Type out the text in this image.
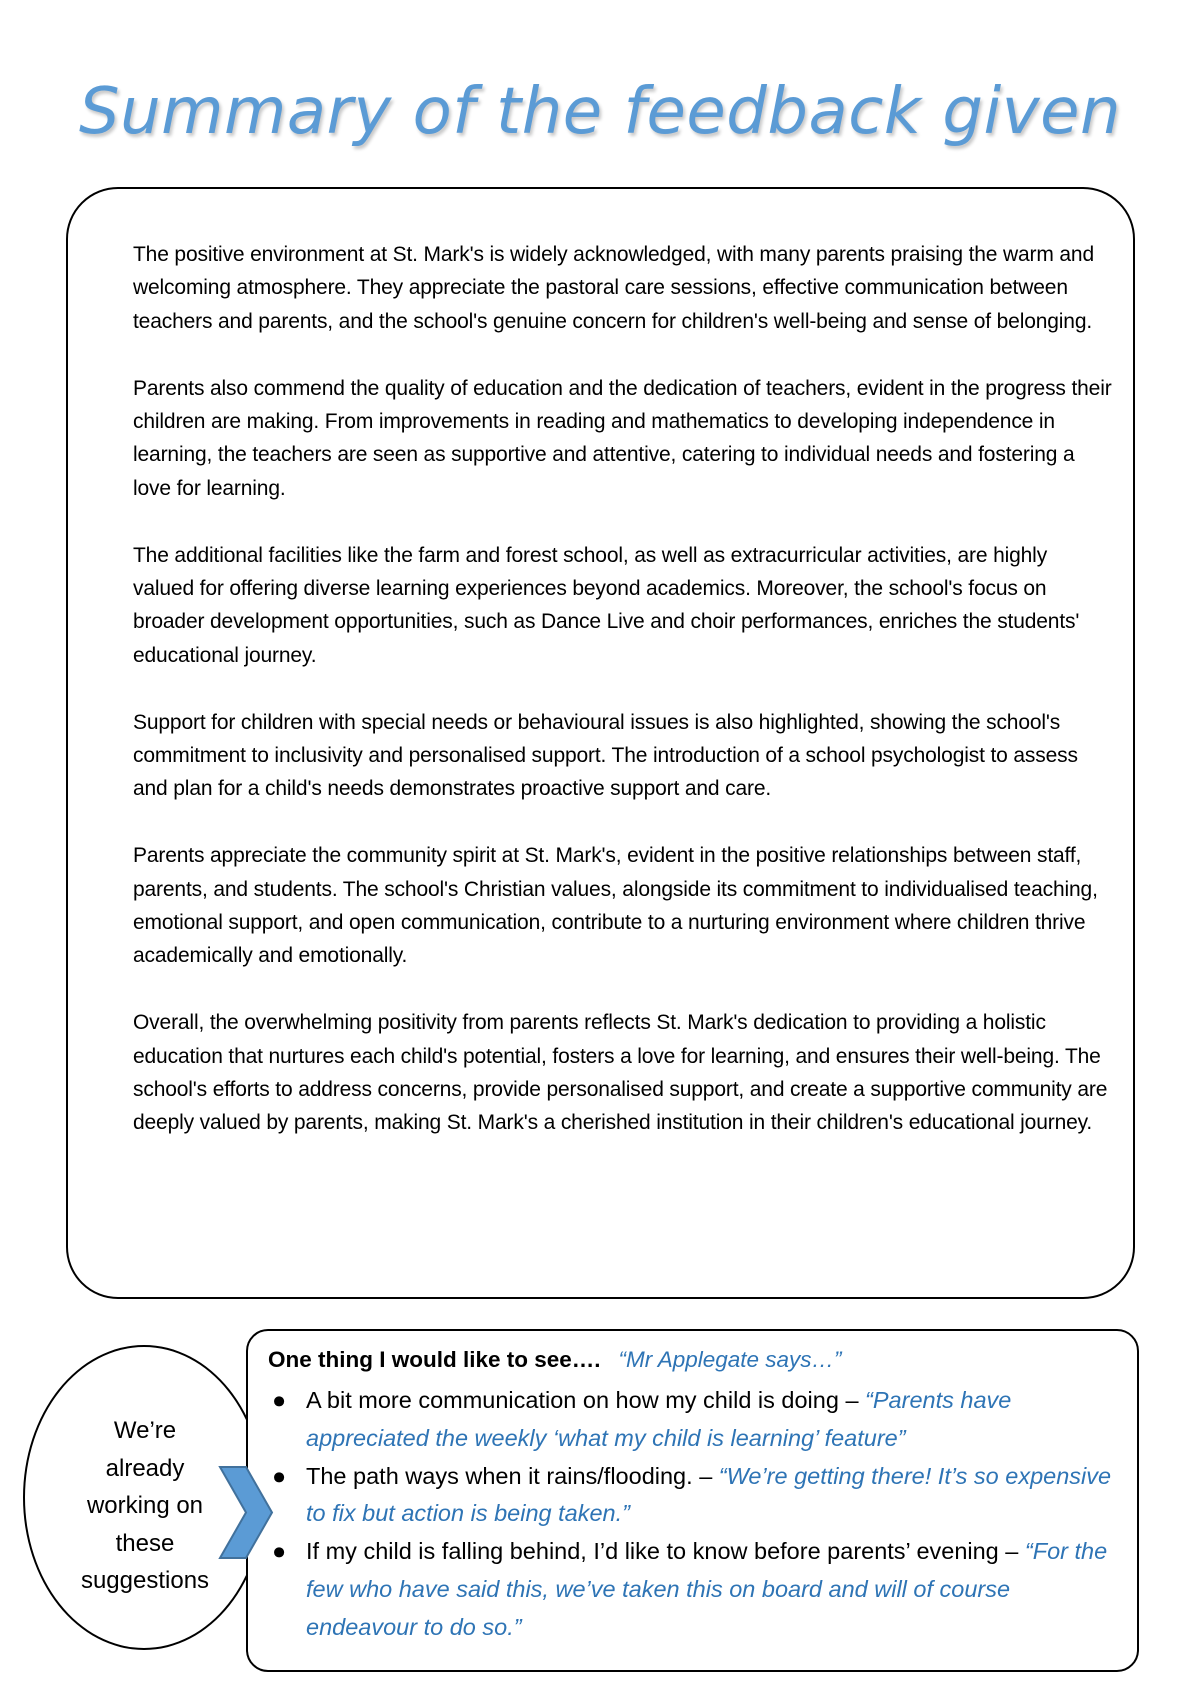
Summary of the feedback given

The positive environment at St. Mark's is widely acknowledged, with many parents praising the warm and welcoming atmosphere. They appreciate the pastoral care sessions, effective communication between teachers and parents, and the school's genuine concern for children's well-being and sense of belonging.

Parents also commend the quality of education and the dedication of teachers, evident in the progress their children are making. From improvements in reading and mathematics to developing independence in learning, the teachers are seen as supportive and attentive, catering to individual needs and fostering a love for learning.

The additional facilities like the farm and forest school, as well as extracurricular activities, are highly valued for offering diverse learning experiences beyond academics. Moreover, the school's focus on broader development opportunities, such as Dance Live and choir performances, enriches the students' educational journey.

Support for children with special needs or behavioural issues is also highlighted, showing the school's commitment to inclusivity and personalised support. The introduction of a school psychologist to assess and plan for a child's needs demonstrates proactive support and care.

Parents appreciate the community spirit at St. Mark's, evident in the positive relationships between staff, parents, and students. The school's Christian values, alongside its commitment to individualised teaching, emotional support, and open communication, contribute to a nurturing environment where children thrive academically and emotionally.

Overall, the overwhelming positivity from parents reflects St. Mark's dedication to providing a holistic education that nurtures each child's potential, fosters a love for learning, and ensures their well-being. The school's efforts to address concerns, provide personalised support, and create a supportive community are deeply valued by parents, making St. Mark's a cherished institution in their children's educational journey.

We’re
already
working on
these
suggestions
One thing I would like to see…. “Mr Applegate says…”
● A bit more communication on how my child is doing – “Parents have appreciated the weekly ‘what my child is learning’ feature”
● The path ways when it rains/flooding. – “We’re getting there! It’s so expensive to fix but action is being taken.”
● If my child is falling behind, I’d like to know before parents’ evening – “For the few who have said this, we’ve taken this on board and will of course endeavour to do so.”
